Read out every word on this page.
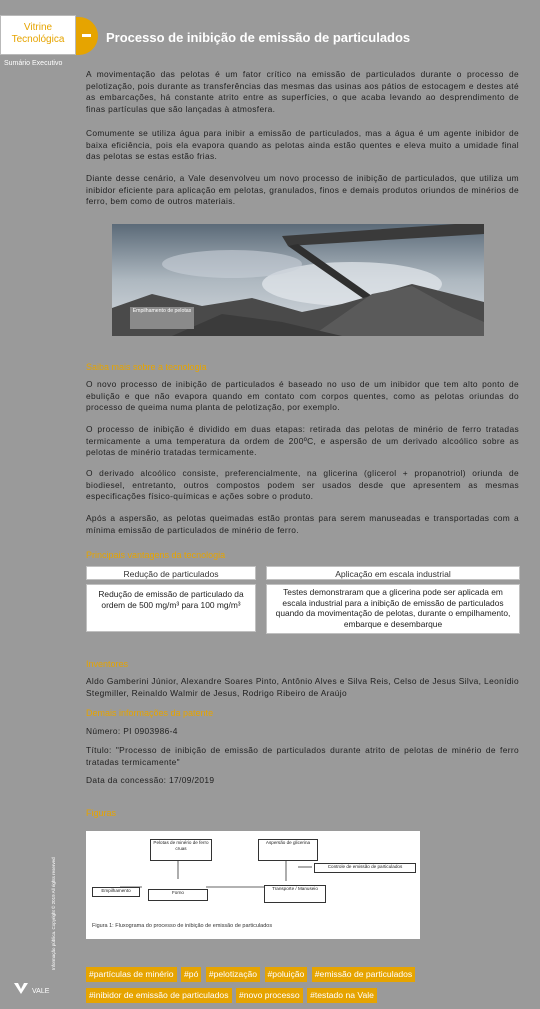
Vitrine Tecnológica	Processo de inibição de emissão de particulados
Sumário Executivo
Informação pública. Copyright © 2019 All rights reserved
VALE

A movimentação das pelotas é um fator crítico na emissão de particulados durante o processo de pelotização, pois durante as transferências das mesmas das usinas aos pátios de estocagem e destes até as embarcações, há constante atrito entre as superfícies, o que acaba levando ao desprendimento de finas partículas que são lançadas à atmosfera.

Comumente se utiliza água para inibir a emissão de particulados, mas a água é um agente inibidor de baixa eficiência, pois ela evapora quando as pelotas ainda estão quentes e eleva muito a umidade final das pelotas se estas estão frias.

Diante desse cenário, a Vale desenvolveu um novo processo de inibição de particulados, que utiliza um inibidor eficiente para aplicação em pelotas, granulados, finos e demais produtos oriundos de minérios de ferro, bem como de outros materiais.

Empilhamento de pelotas
Saiba mais sobre a tecnologia

O novo processo de inibição de particulados é baseado no uso de um inibidor que tem alto ponto de ebulição e que não evapora quando em contato com corpos quentes, como as pelotas oriundas do processo de queima numa planta de pelotização, por exemplo.

O processo de inibição é dividido em duas etapas: retirada das pelotas de minério de ferro tratadas termicamente a uma temperatura da ordem de 200ºC, e aspersão de um derivado alcoólico sobre as pelotas de minério tratadas termicamente.

O derivado alcoólico consiste, preferencialmente, na glicerina (glicerol + propanotriol) oriunda de biodiesel, entretanto, outros compostos podem ser usados desde que apresentem as mesmas especificações físico-químicas e ações sobre o produto.

Após a aspersão, as pelotas queimadas estão prontas para serem manuseadas e transportadas com a mínima emissão de particulados de minério de ferro.

Principais vantagens da tecnologia
Redução de particulados
Redução de emissão de particulado da ordem de 500 mg/m³ para 100 mg/m³
Aplicação em escala industrial
Testes demonstraram que a glicerina pode ser aplicada em escala industrial para a inibição de emissão de particulados quando da movimentação de pelotas, durante o empilhamento, embarque e desembarque
Inventores

Aldo Gamberini Júnior, Alexandre Soares Pinto, Antônio Alves e Silva Reis, Celso de Jesus Silva, Leonídio Stegmiller, Reinaldo Walmir de Jesus, Rodrigo Ribeiro de Araújo

Demais informações da patente

Número: PI 0903986-4

Título: "Processo de inibição de emissão de particulados durante atrito de pelotas de minério de ferro tratadas termicamente"

Data da concessão: 17/09/2019

Figuras
Pelotas de minério de ferro cruas
Aspersão de glicerina
Controle de emissão de particulados
Empilhamento	Forno
Transporte / Manuseio
Figura 1: Fluxograma do processo de inibição de emissão de particulados
#partículas de minério #pó #pelotização #poluição #emissão de particulados #inibidor de emissão de particulados #novo processo #testado na Vale
